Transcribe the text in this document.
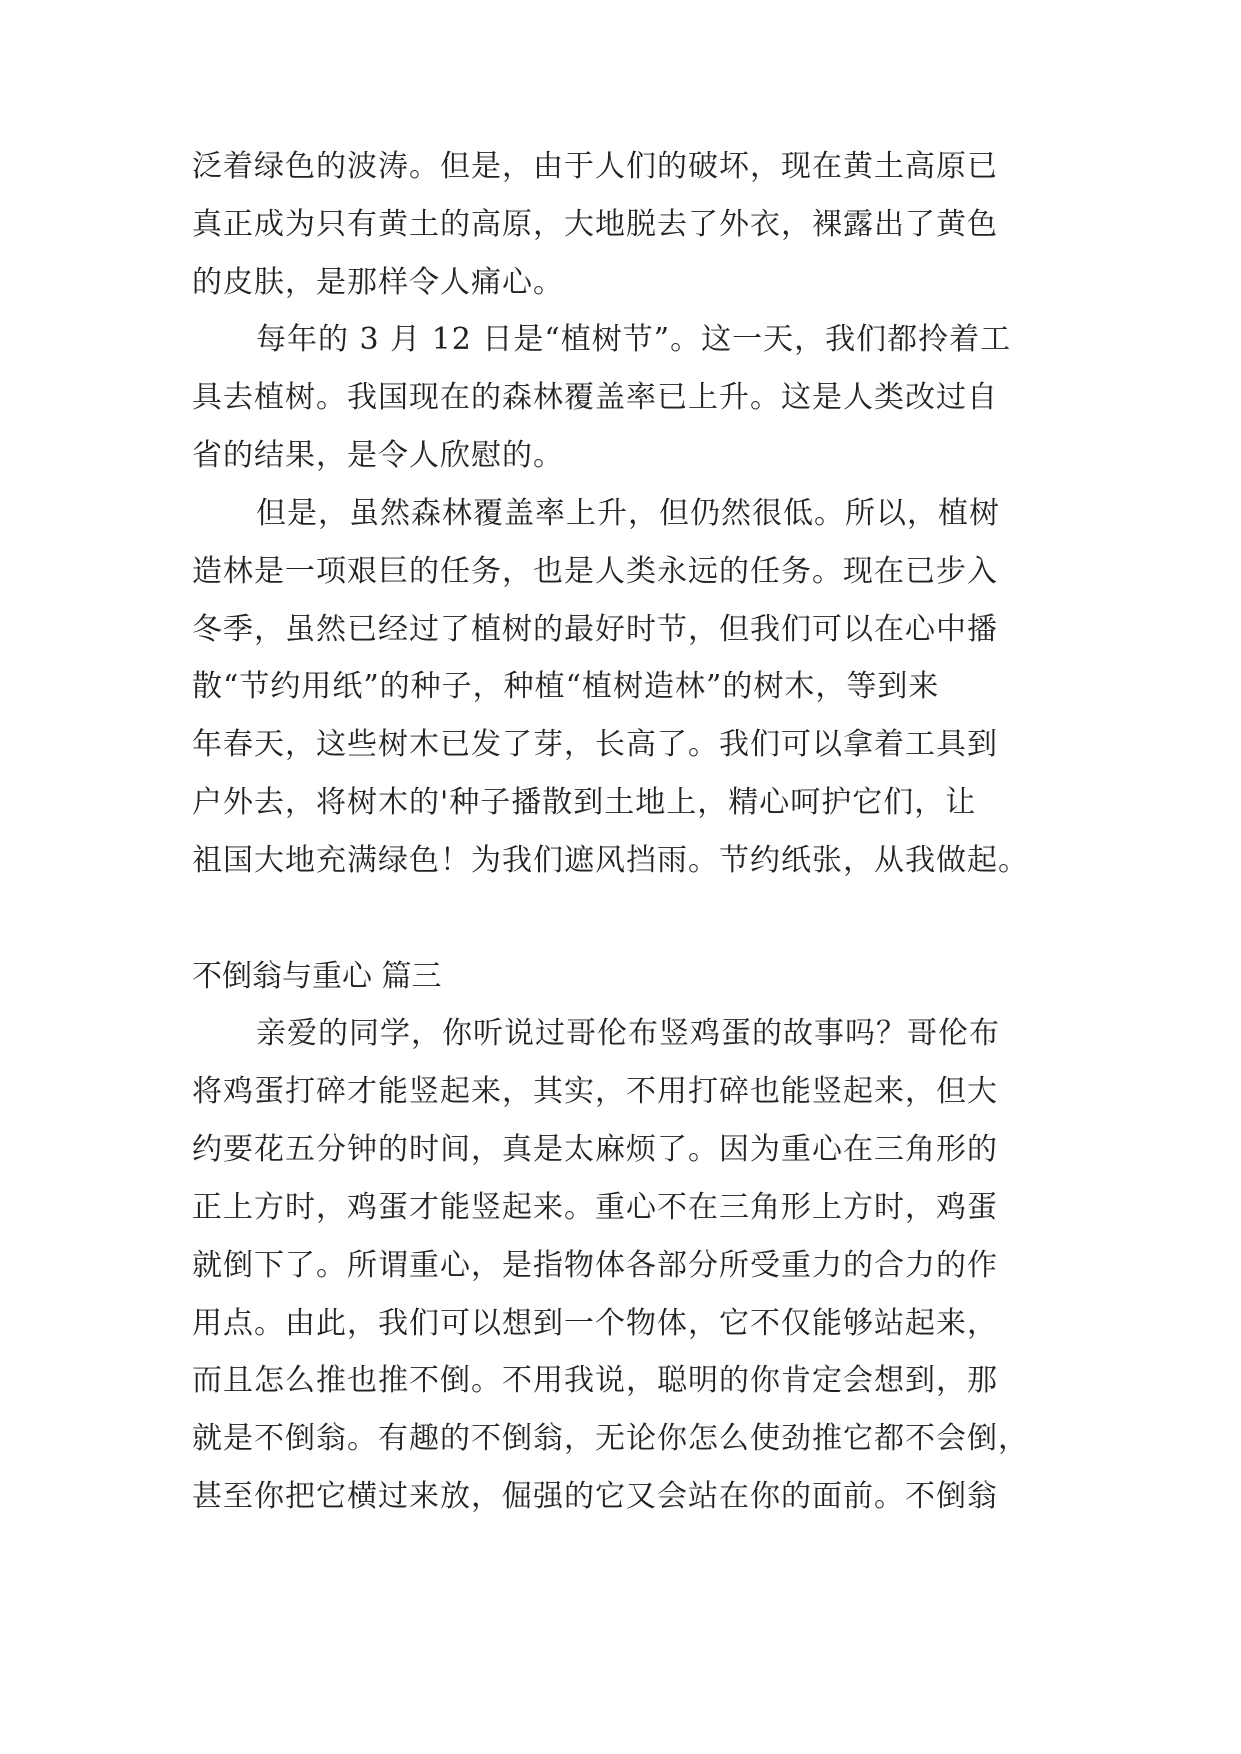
泛着绿色的波涛。但是，由于人们的破坏，现在黄土高原已
真正成为只有黄土的高原，大地脱去了外衣，裸露出了黄色
的皮肤，是那样令人痛心。
每年的 3 月 12 日是“植树节”。这一天，我们都拎着工
具去植树。我国现在的森林覆盖率已上升。这是人类改过自
省的结果，是令人欣慰的。
但是，虽然森林覆盖率上升，但仍然很低。所以，植树
造林是一项艰巨的任务，也是人类永远的任务。现在已步入
冬季，虽然已经过了植树的最好时节，但我们可以在心中播
散“节约用纸”的种子，种植“植树造林”的树木，等到来
年春天，这些树木已发了芽，长高了。我们可以拿着工具到
户外去，将树木的'种子播散到土地上，精心呵护它们，让
祖国大地充满绿色！为我们遮风挡雨。节约纸张，从我做起。
不倒翁与重心 篇三
亲爱的同学，你听说过哥伦布竖鸡蛋的故事吗？哥伦布
将鸡蛋打碎才能竖起来，其实，不用打碎也能竖起来，但大
约要花五分钟的时间，真是太麻烦了。因为重心在三角形的
正上方时，鸡蛋才能竖起来。重心不在三角形上方时，鸡蛋
就倒下了。所谓重心，是指物体各部分所受重力的合力的作
用点。由此，我们可以想到一个物体，它不仅能够站起来，
而且怎么推也推不倒。不用我说，聪明的你肯定会想到，那
就是不倒翁。有趣的不倒翁，无论你怎么使劲推它都不会倒，
甚至你把它横过来放，倔强的它又会站在你的面前。不倒翁
